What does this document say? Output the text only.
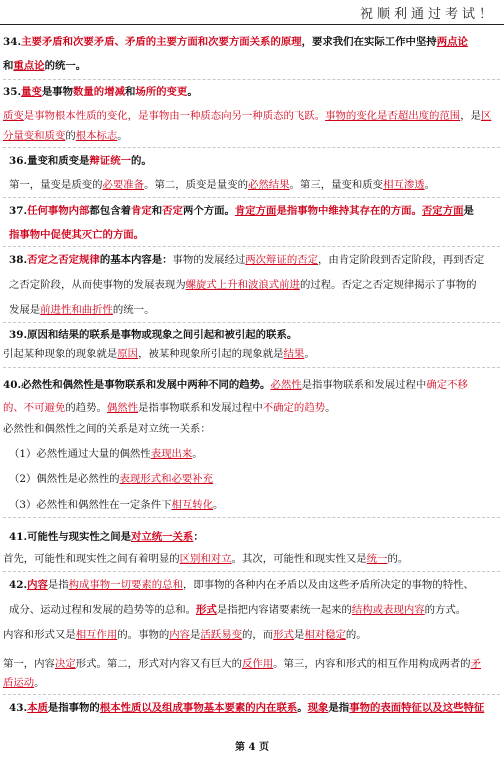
祝顺利通过考试！
34.主要矛盾和次要矛盾、矛盾的主要方面和次要方面关系的原理，要求我们在实际工作中坚持两点论
和重点论的统一。
35.量变是事物数量的增减和场所的变更。
质变是事物根本性质的变化，是事物由一种质态向另一种质态的飞跃。事物的变化是否超出度的范围，是区
分量变和质变的根本标志。
36.量变和质变是辩证统一的。
第一，量变是质变的必要准备。第二，质变是量变的必然结果。第三，量变和质变相互渗透。
37.任何事物内部都包含着肯定和否定两个方面。肯定方面是指事物中维持其存在的方面。否定方面是
指事物中促使其灭亡的方面。
38.否定之否定规律的基本内容是：事物的发展经过两次辩证的否定，由肯定阶段到否定阶段，再到否定
之否定阶段，从而使事物的发展表现为螺旋式上升和波浪式前进的过程。否定之否定规律揭示了事物的
发展是前进性和曲折性的统一。
39.原因和结果的联系是事物或现象之间引起和被引起的联系。
引起某种现象的现象就是原因，被某种现象所引起的现象就是结果。
40.必然性和偶然性是事物联系和发展中两种不同的趋势。必然性是指事物联系和发展过程中确定不移
的、不可避免的趋势。偶然性是指事物联系和发展过程中不确定的趋势。
必然性和偶然性之间的关系是对立统一关系：
（1）必然性通过大量的偶然性表现出来。
（2）偶然性是必然性的表现形式和必要补充
（3）必然性和偶然性在一定条件下相互转化。
41.可能性与现实性之间是对立统一关系：
首先，可能性和现实性之间有着明显的区别和对立。其次，可能性和现实性又是统一的。
42.内容是指构成事物一切要素的总和，即事物的各种内在矛盾以及由这些矛盾所决定的事物的特性、
成分、运动过程和发展的趋势等的总和。形式是指把内容诸要素统一起来的结构或表现内容的方式。
内容和形式又是相互作用的。事物的内容是活跃易变的，而形式是相对稳定的。
第一，内容决定形式。第二，形式对内容又有巨大的反作用。第三，内容和形式的相互作用构成两者的矛
盾运动。
43.本质是指事物的根本性质以及组成事物基本要素的内在联系。现象是指事物的表面特征以及这些特征
第 4 页
